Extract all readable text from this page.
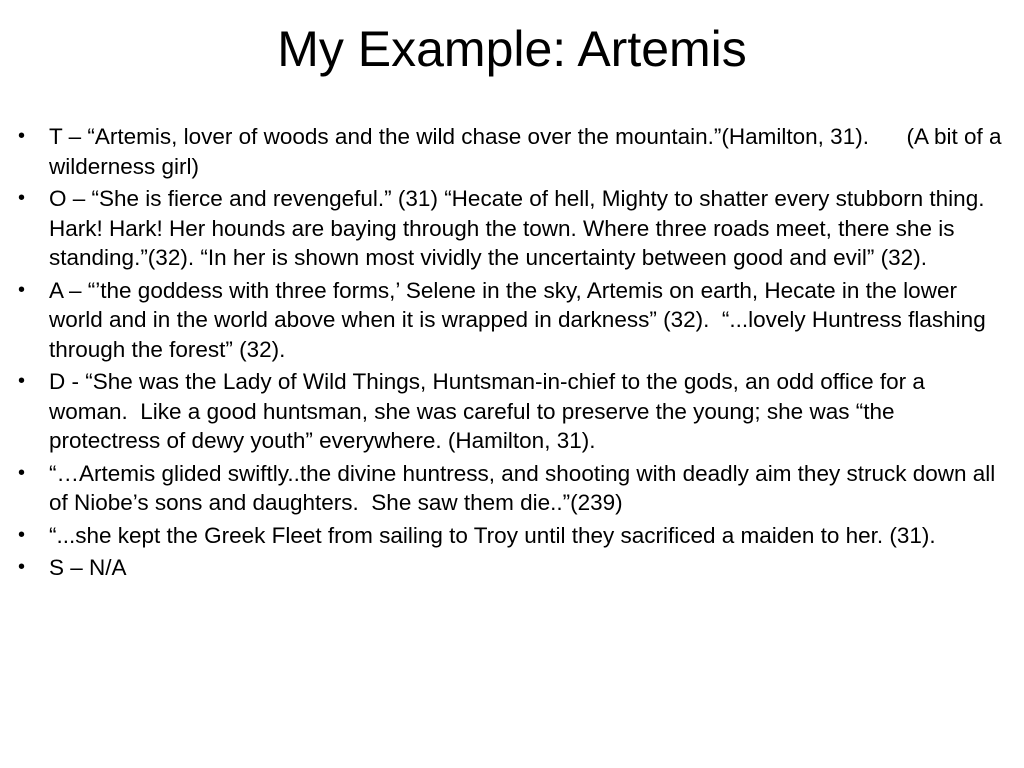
My Example: Artemis
•	T – “Artemis, lover of woods and the wild chase over the mountain.”(Hamilton, 31).      (A bit of a wilderness girl)
•	O – “She is fierce and revengeful.” (31) “Hecate of hell, Mighty to shatter every stubborn thing. Hark! Hark! Her hounds are baying through the town. Where three roads meet, there she is standing.”(32). “In her is shown most vividly the uncertainty between good and evil” (32).
•	A – “’the goddess with three forms,’ Selene in the sky, Artemis on earth, Hecate in the lower world and in the world above when it is wrapped in darkness” (32).  “...lovely Huntress flashing through the forest” (32).
•	D - “She was the Lady of Wild Things, Huntsman-in-chief to the gods, an odd office for a woman.  Like a good huntsman, she was careful to preserve the young; she was “the protectress of dewy youth” everywhere. (Hamilton, 31).
•	“…Artemis glided swiftly..the divine huntress, and shooting with deadly aim they struck down all of Niobe’s sons and daughters.  She saw them die..”(239)
•	“...she kept the Greek Fleet from sailing to Troy until they sacrificed a maiden to her. (31).
•	S – N/A
